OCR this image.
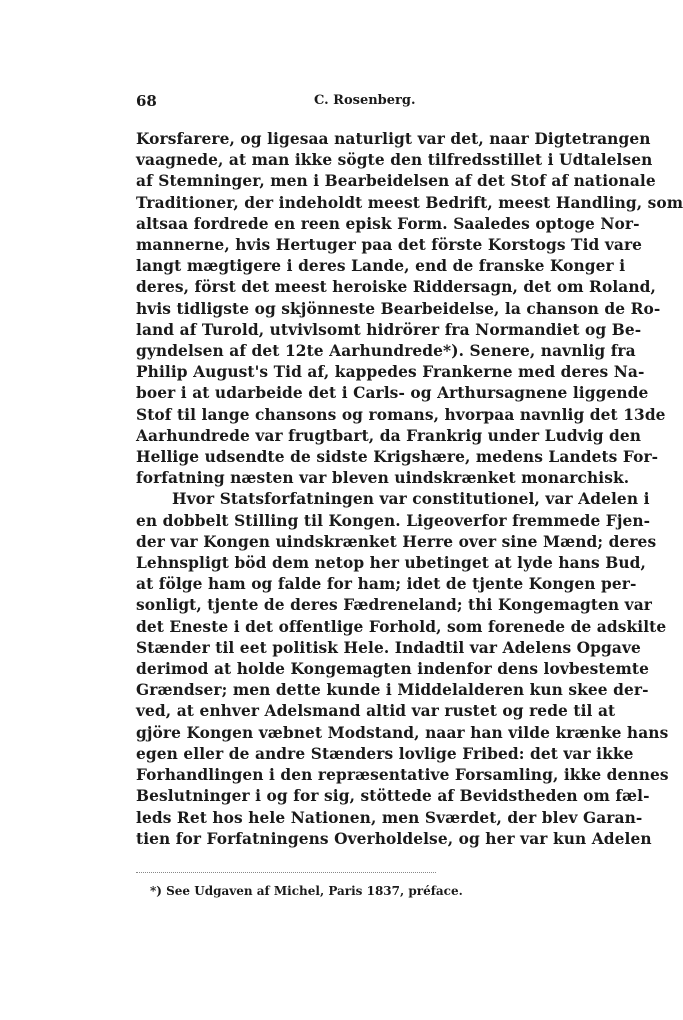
68	C. Rosenberg.
Korsfarere, og ligesaa naturligt var det, naar Digtetrangen
vaagnede, at man ikke sögte den tilfredsstillet i Udtalelsen
af Stemninger, men i Bearbeidelsen af det Stof af nationale
Traditioner, der indeholdt meest Bedrift, meest Handling, som
altsaa fordrede en reen episk Form. Saaledes optoge Nor-
mannerne, hvis Hertuger paa det förste Korstogs Tid vare
langt mægtigere i deres Lande, end de franske Konger i
deres, först det meest heroiske Riddersagn, det om Roland,
hvis tidligste og skjönneste Bearbeidelse, la chanson de Ro-
land af Turold, utvivlsomt hidrörer fra Normandiet og Be-
gyndelsen af det 12te Aarhundrede*). Senere, navnlig fra
Philip August's Tid af, kappedes Frankerne med deres Na-
boer i at udarbeide det i Carls- og Arthursagnene liggende
Stof til lange chansons og romans, hvorpaa navnlig det 13de
Aarhundrede var frugtbart, da Frankrig under Ludvig den
Hellige udsendte de sidste Krigshære, medens Landets For-
forfatning næsten var bleven uindskrænket monarchisk.
Hvor Statsforfatningen var constitutionel, var Adelen i
en dobbelt Stilling til Kongen. Ligeoverfor fremmede Fjen-
der var Kongen uindskrænket Herre over sine Mænd; deres
Lehnspligt böd dem netop her ubetinget at lyde hans Bud,
at fölge ham og falde for ham; idet de tjente Kongen per-
sonligt, tjente de deres Fædreneland; thi Kongemagten var
det Eneste i det offentlige Forhold, som forenede de adskilte
Stænder til eet politisk Hele. Indadtil var Adelens Opgave
derimod at holde Kongemagten indenfor dens lovbestemte
Grændser; men dette kunde i Middelalderen kun skee der-
ved, at enhver Adelsmand altid var rustet og rede til at
gjöre Kongen væbnet Modstand, naar han vilde krænke hans
egen eller de andre Stænders lovlige Fribed: det var ikke
Forhandlingen i den repræsentative Forsamling, ikke dennes
Beslutninger i og for sig, stöttede af Bevidstheden om fæl-
leds Ret hos hele Nationen, men Sværdet, der blev Garan-
tien for Forfatningens Overholdelse, og her var kun Adelen
*) See Udgaven af Michel, Paris 1837, préface.
